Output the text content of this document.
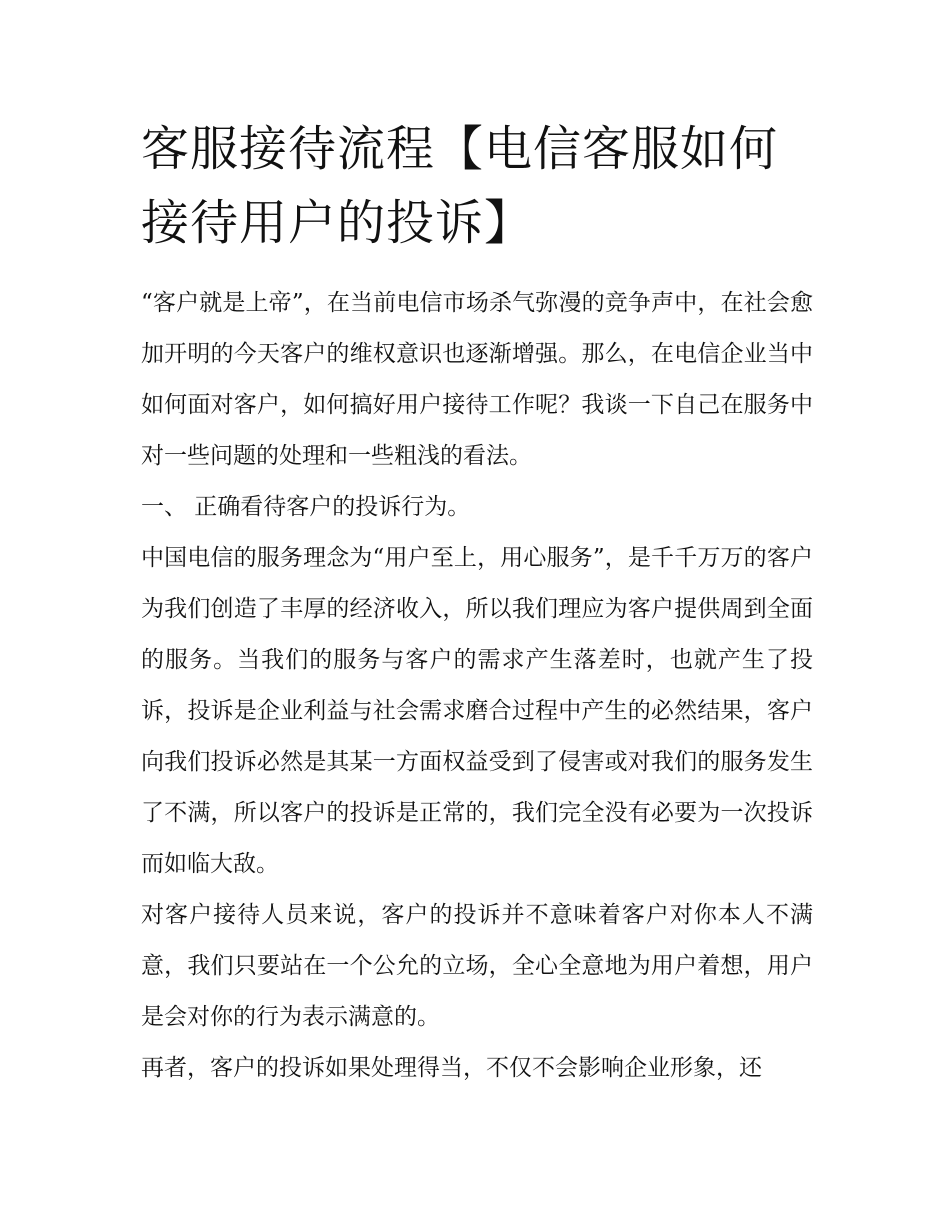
客服接待流程【电信客服如何接待用户的投诉】

“客户就是上帝”，在当前电信市场杀气弥漫的竞争声中，在社会愈加开明的今天客户的维权意识也逐渐增强。那么，在电信企业当中如何面对客户，如何搞好用户接待工作呢？我谈一下自己在服务中对一些问题的处理和一些粗浅的看法。

一、 正确看待客户的投诉行为。

中国电信的服务理念为“用户至上，用心服务”，是千千万万的客户为我们创造了丰厚的经济收入，所以我们理应为客户提供周到全面的服务。当我们的服务与客户的需求产生落差时，也就产生了投诉，投诉是企业利益与社会需求磨合过程中产生的必然结果，客户向我们投诉必然是其某一方面权益受到了侵害或对我们的服务发生了不满，所以客户的投诉是正常的，我们完全没有必要为一次投诉而如临大敌。

对客户接待人员来说，客户的投诉并不意味着客户对你本人不满意，我们只要站在一个公允的立场，全心全意地为用户着想，用户是会对你的行为表示满意的。

再者，客户的投诉如果处理得当，不仅不会影响企业形象，还
